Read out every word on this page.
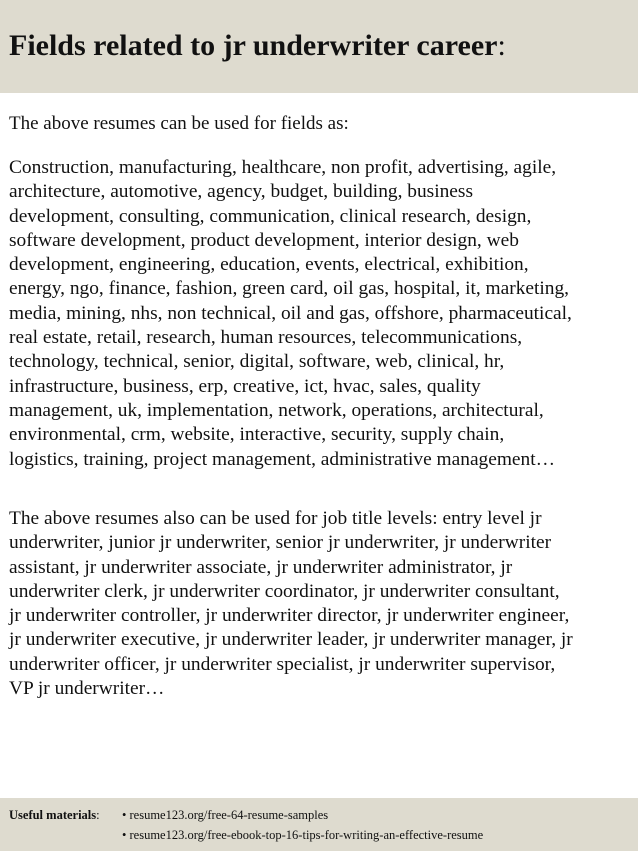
Fields related to jr underwriter career:

The above resumes can be used for fields as:

Construction, manufacturing, healthcare, non profit, advertising, agile,
architecture, automotive, agency, budget, building, business
development, consulting, communication, clinical research, design,
software development, product development, interior design, web
development, engineering, education, events, electrical, exhibition,
energy, ngo, finance, fashion, green card, oil gas, hospital, it, marketing,
media, mining, nhs, non technical, oil and gas, offshore, pharmaceutical,
real estate, retail, research, human resources, telecommunications,
technology, technical, senior, digital, software, web, clinical, hr,
infrastructure, business, erp, creative, ict, hvac, sales, quality
management, uk, implementation, network, operations, architectural,
environmental, crm, website, interactive, security, supply chain,
logistics, training, project management, administrative management…

The above resumes also can be used for job title levels: entry level jr
underwriter, junior jr underwriter, senior jr underwriter, jr underwriter
assistant, jr underwriter associate, jr underwriter administrator, jr
underwriter clerk, jr underwriter coordinator, jr underwriter consultant,
jr underwriter controller, jr underwriter director, jr underwriter engineer,
jr underwriter executive, jr underwriter leader, jr underwriter manager, jr
underwriter officer, jr underwriter specialist, jr underwriter supervisor,
VP jr underwriter…

Useful materials: • resume123.org/free-64-resume-samples
• resume123.org/free-ebook-top-16-tips-for-writing-an-effective-resume
